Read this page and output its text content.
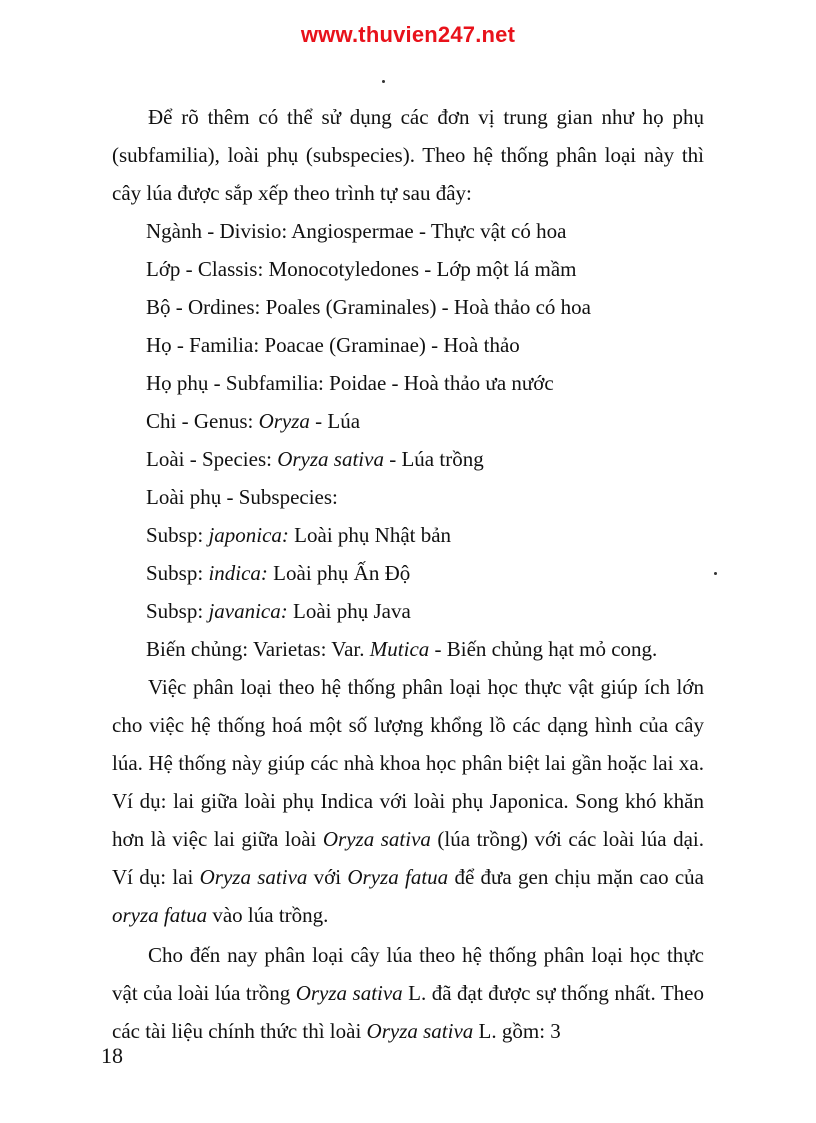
www.thuvien247.net

Để rõ thêm có thể sử dụng các đơn vị trung gian như họ phụ (subfamilia), loài phụ (subspecies). Theo hệ thống phân loại này thì cây lúa được sắp xếp theo trình tự sau đây:

Ngành - Divisio: Angiospermae - Thực vật có hoa
Lớp - Classis: Monocotyledones - Lớp một lá mầm
Bộ - Ordines: Poales (Graminales) - Hoà thảo có hoa
Họ - Familia: Poacae (Graminae) - Hoà thảo
Họ phụ - Subfamilia: Poidae - Hoà thảo ưa nước
Chi - Genus: Oryza - Lúa
Loài - Species: Oryza sativa - Lúa trồng
Loài phụ - Subspecies:
Subsp: japonica: Loài phụ Nhật bản
Subsp: indica: Loài phụ Ấn Độ
Subsp: javanica: Loài phụ Java
Biến chủng: Varietas: Var. Mutica - Biến chủng hạt mỏ cong.

Việc phân loại theo hệ thống phân loại học thực vật giúp ích lớn cho việc hệ thống hoá một số lượng khổng lồ các dạng hình của cây lúa. Hệ thống này giúp các nhà khoa học phân biệt lai gần hoặc lai xa. Ví dụ: lai giữa loài phụ Indica với loài phụ Japonica. Song khó khăn hơn là việc lai giữa loài Oryza sativa (lúa trồng) với các loài lúa dại. Ví dụ: lai Oryza sativa với Oryza fatua để đưa gen chịu mặn cao của oryza fatua vào lúa trồng.

Cho đến nay phân loại cây lúa theo hệ thống phân loại học thực vật của loài lúa trồng Oryza sativa L. đã đạt được sự thống nhất. Theo các tài liệu chính thức thì loài Oryza sativa L. gồm: 3

18
